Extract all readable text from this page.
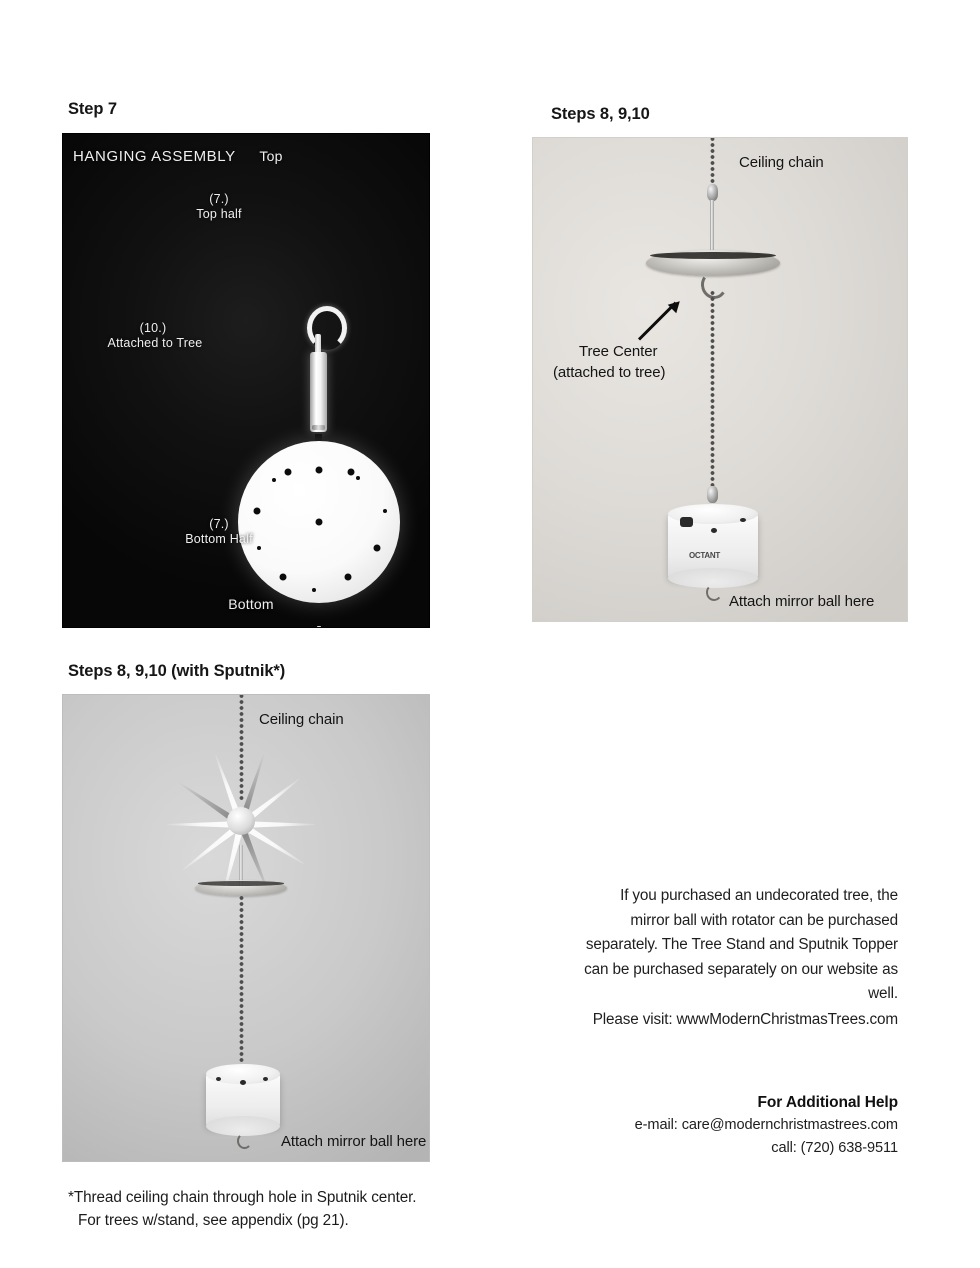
Step 7
HANGING ASSEMBLY	Top
(7.)
Top half
(10.)
Attached to Tree
(7.)
Bottom Half
Bottom
Steps 8, 9,10
Ceiling chain
Tree Center
(attached to tree)
OCTANT
Attach mirror ball here
Steps 8, 9,10 (with Sputnik*)
Ceiling chain
Attach mirror ball here
*Thread ceiling chain through hole in Sputnik center.
For trees w/stand, see appendix (pg 21).
If you purchased an undecorated tree, the mirror ball with rotator can be purchased separately. The Tree Stand and Sputnik Topper can be purchased separately on our website as well.
Please visit: wwwModernChristmasTrees.com
For Additional Help
e-mail: care@modernchristmastrees.com
call: (720) 638-9511
